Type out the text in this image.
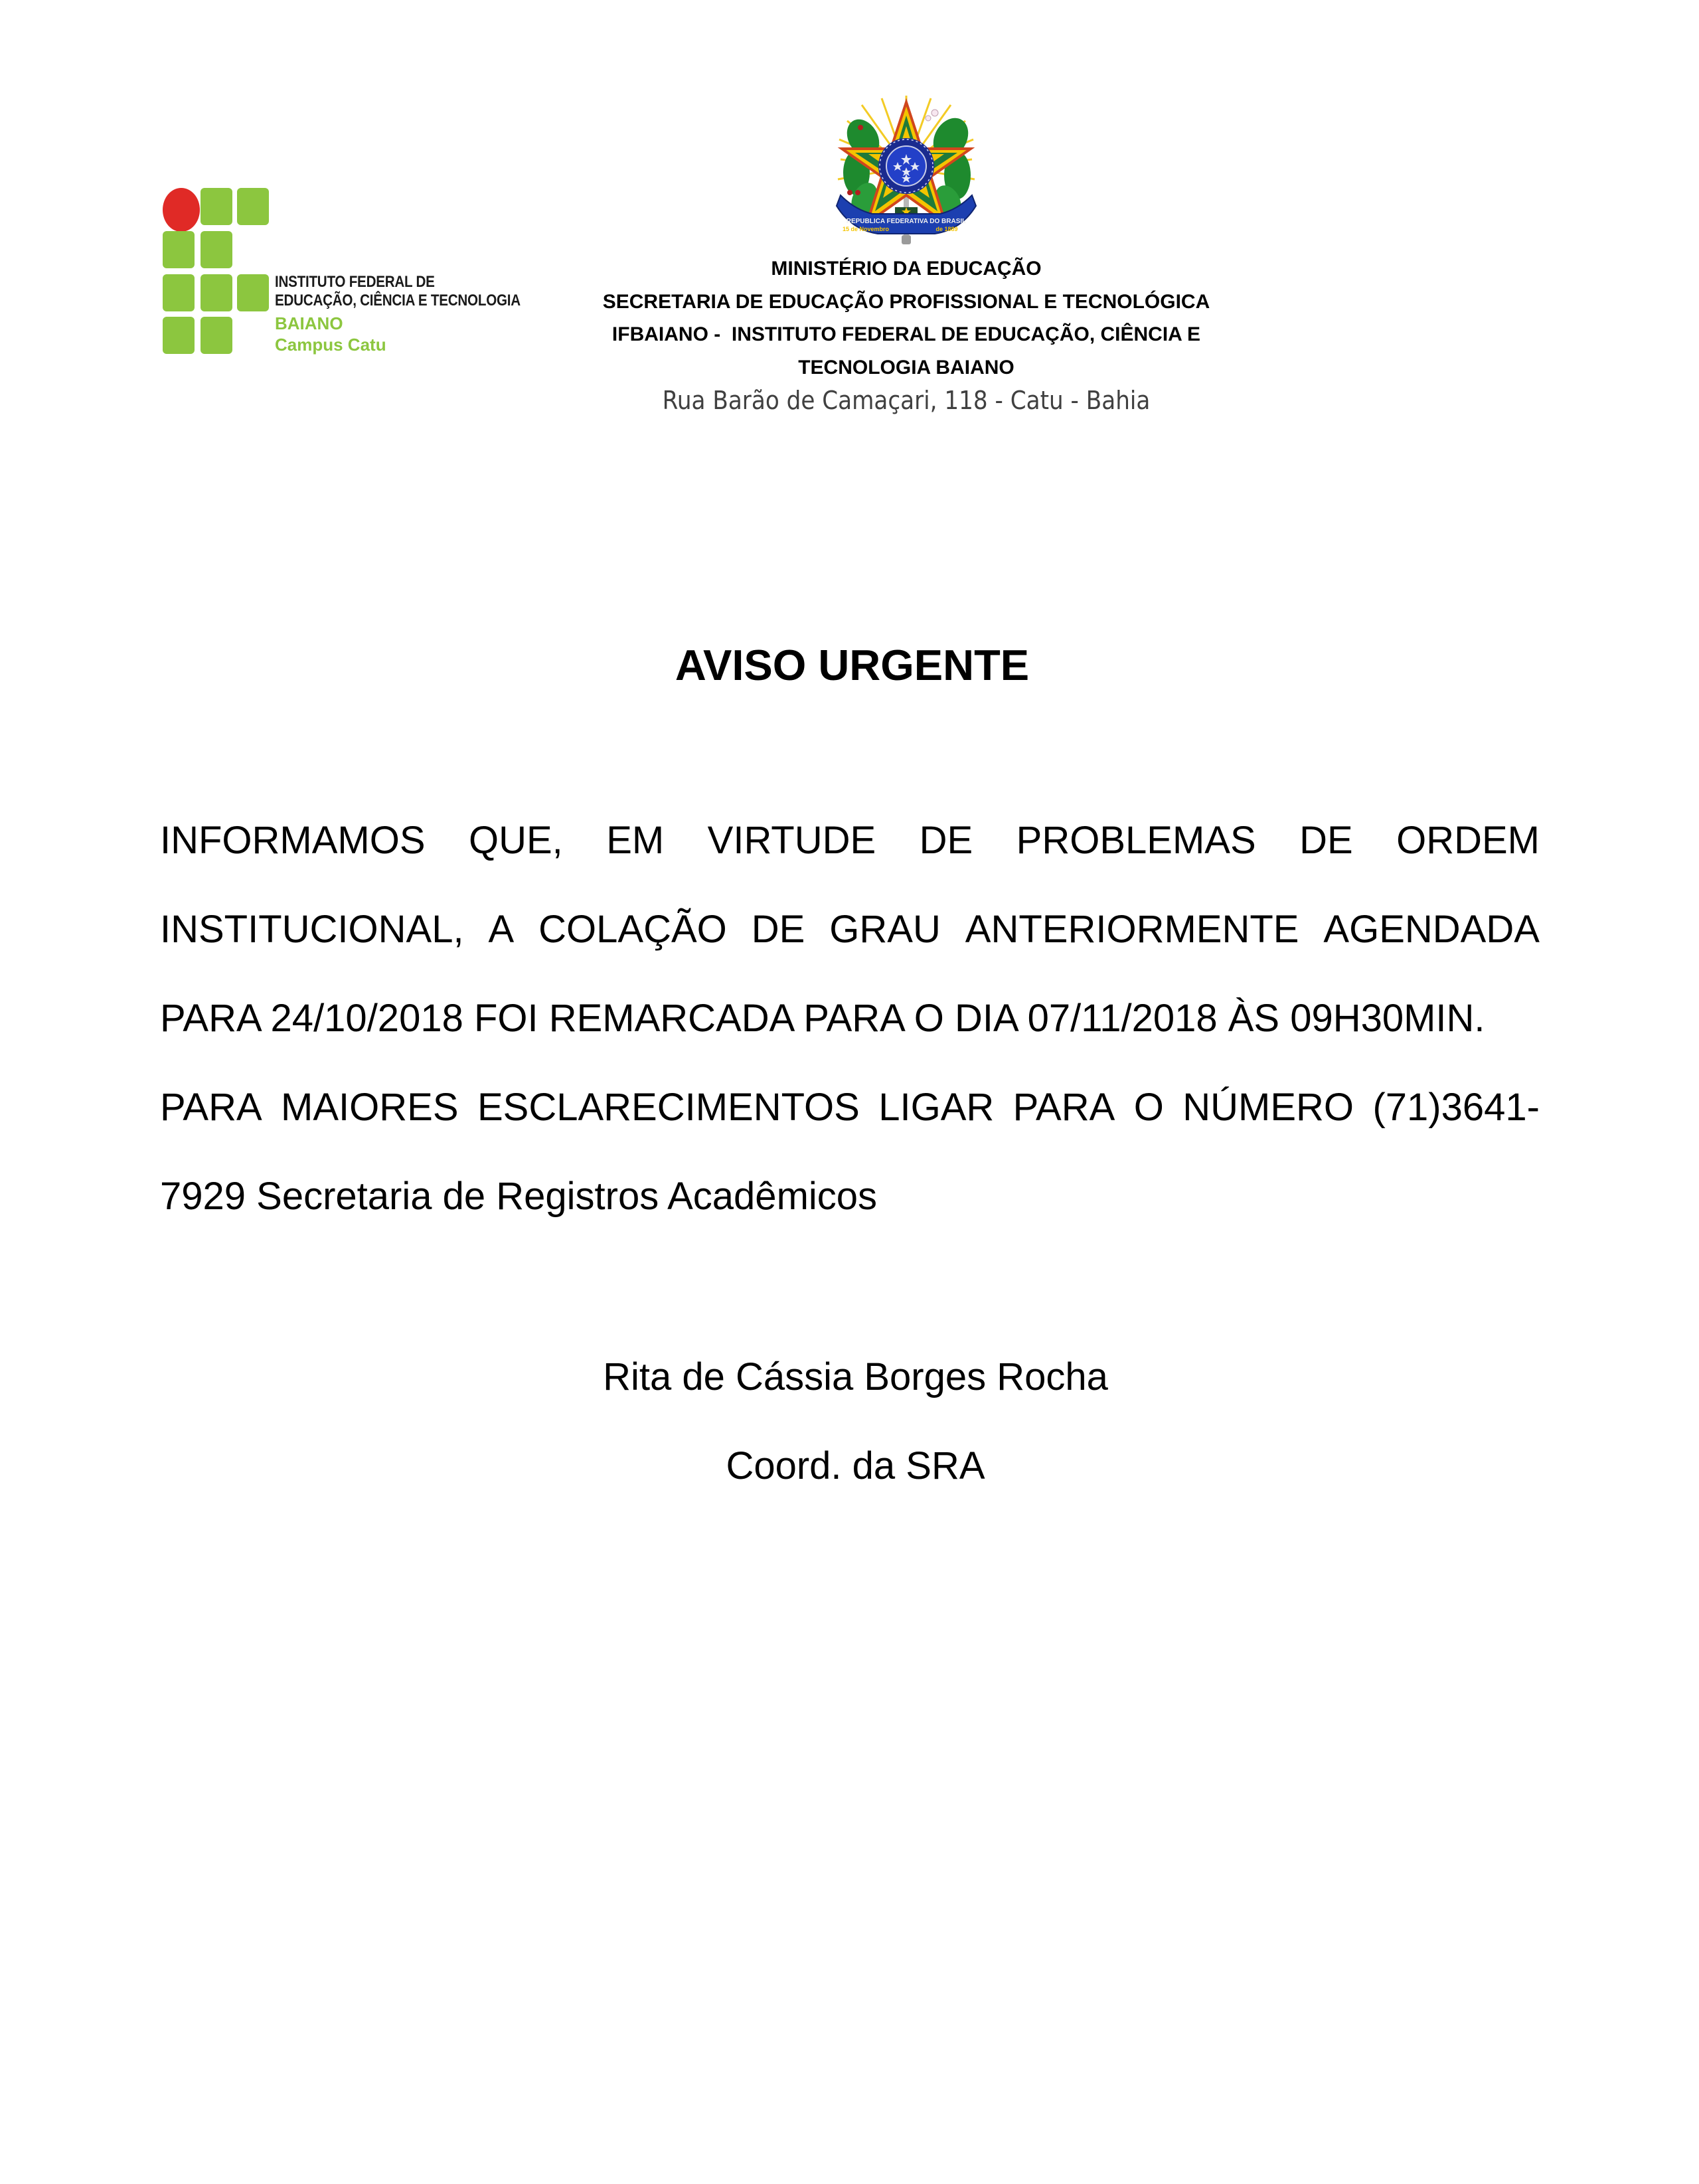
INSTITUTO FEDERAL DE
EDUCAÇÃO, CIÊNCIA E TECNOLOGIA
BAIANO
Campus Catu
REPUBLICA FEDERATIVA DO BRASIL
15 de Novembro	de 1889
MINISTÉRIO DA EDUCAÇÃO
SECRETARIA DE EDUCAÇÃO PROFISSIONAL E TECNOLÓGICA
IFBAIANO -  INSTITUTO FEDERAL DE EDUCAÇÃO, CIÊNCIA E
TECNOLOGIA BAIANO
Rua Barão de Camaçari, 118 - Catu - Bahia
AVISO URGENTE
INFORMAMOS QUE, EM VIRTUDE DE PROBLEMAS DE ORDEM
INSTITUCIONAL, A COLAÇÃO DE GRAU ANTERIORMENTE AGENDADA
PARA 24/10/2018 FOI REMARCADA PARA O DIA 07/11/2018 ÀS 09H30MIN.
PARA MAIORES ESCLARECIMENTOS LIGAR PARA O NÚMERO (71)3641-
7929 Secretaria de Registros Acadêmicos
Rita de Cássia Borges Rocha
Coord. da SRA
